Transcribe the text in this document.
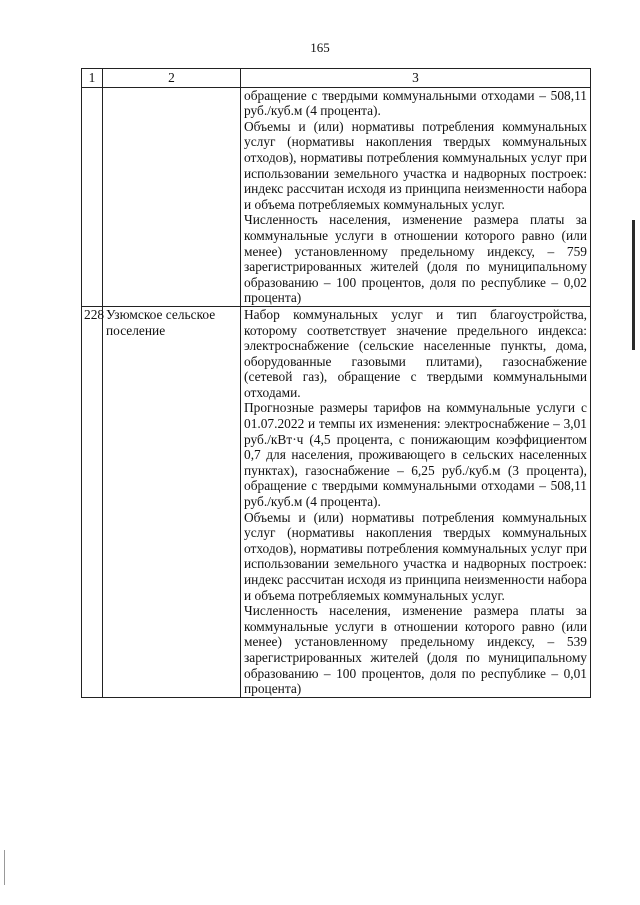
165
1	2	3

		обращение с твердыми коммунальными отходами – 508,11 руб./куб.м (4 процента).

Объемы и (или) нормативы потребления коммунальных услуг (нормативы накопления твердых коммунальных отходов), нормативы потребления коммунальных услуг при использовании земельного участка и надворных построек: индекс рассчитан исходя из принципа неизменности набора и объема потребляемых коммунальных услуг.

Численность населения, изменение размера платы за коммунальные услуги в отношении которого равно (или менее) установленному предельному индексу, – 759 зарегистрированных жителей (доля по муниципальному образованию – 100 процентов, доля по республике – 0,02 процента)

228	Узюмское сельское поселение	Набор коммунальных услуг и тип благоустройства, которому соответствует значение предельного индекса: электроснабжение (сельские населенные пункты, дома, оборудованные газовыми плитами), газоснабжение (сетевой газ), обращение с твердыми коммунальными отходами.

Прогнозные размеры тарифов на коммунальные услуги с 01.07.2022 и темпы их изменения: электроснабжение – 3,01 руб./кВт·ч (4,5 процента, с понижающим коэффициентом 0,7 для населения, проживающего в сельских населенных пунктах), газоснабжение – 6,25 руб./куб.м (3 процента), обращение с твердыми коммунальными отходами – 508,11 руб./куб.м (4 процента).

Объемы и (или) нормативы потребления коммунальных услуг (нормативы накопления твердых коммунальных отходов), нормативы потребления коммунальных услуг при использовании земельного участка и надворных построек: индекс рассчитан исходя из принципа неизменности набора и объема потребляемых коммунальных услуг.

Численность населения, изменение размера платы за коммунальные услуги в отношении которого равно (или менее) установленному предельному индексу, – 539 зарегистрированных жителей (доля по муниципальному образованию – 100 процентов, доля по республике – 0,01 процента)
